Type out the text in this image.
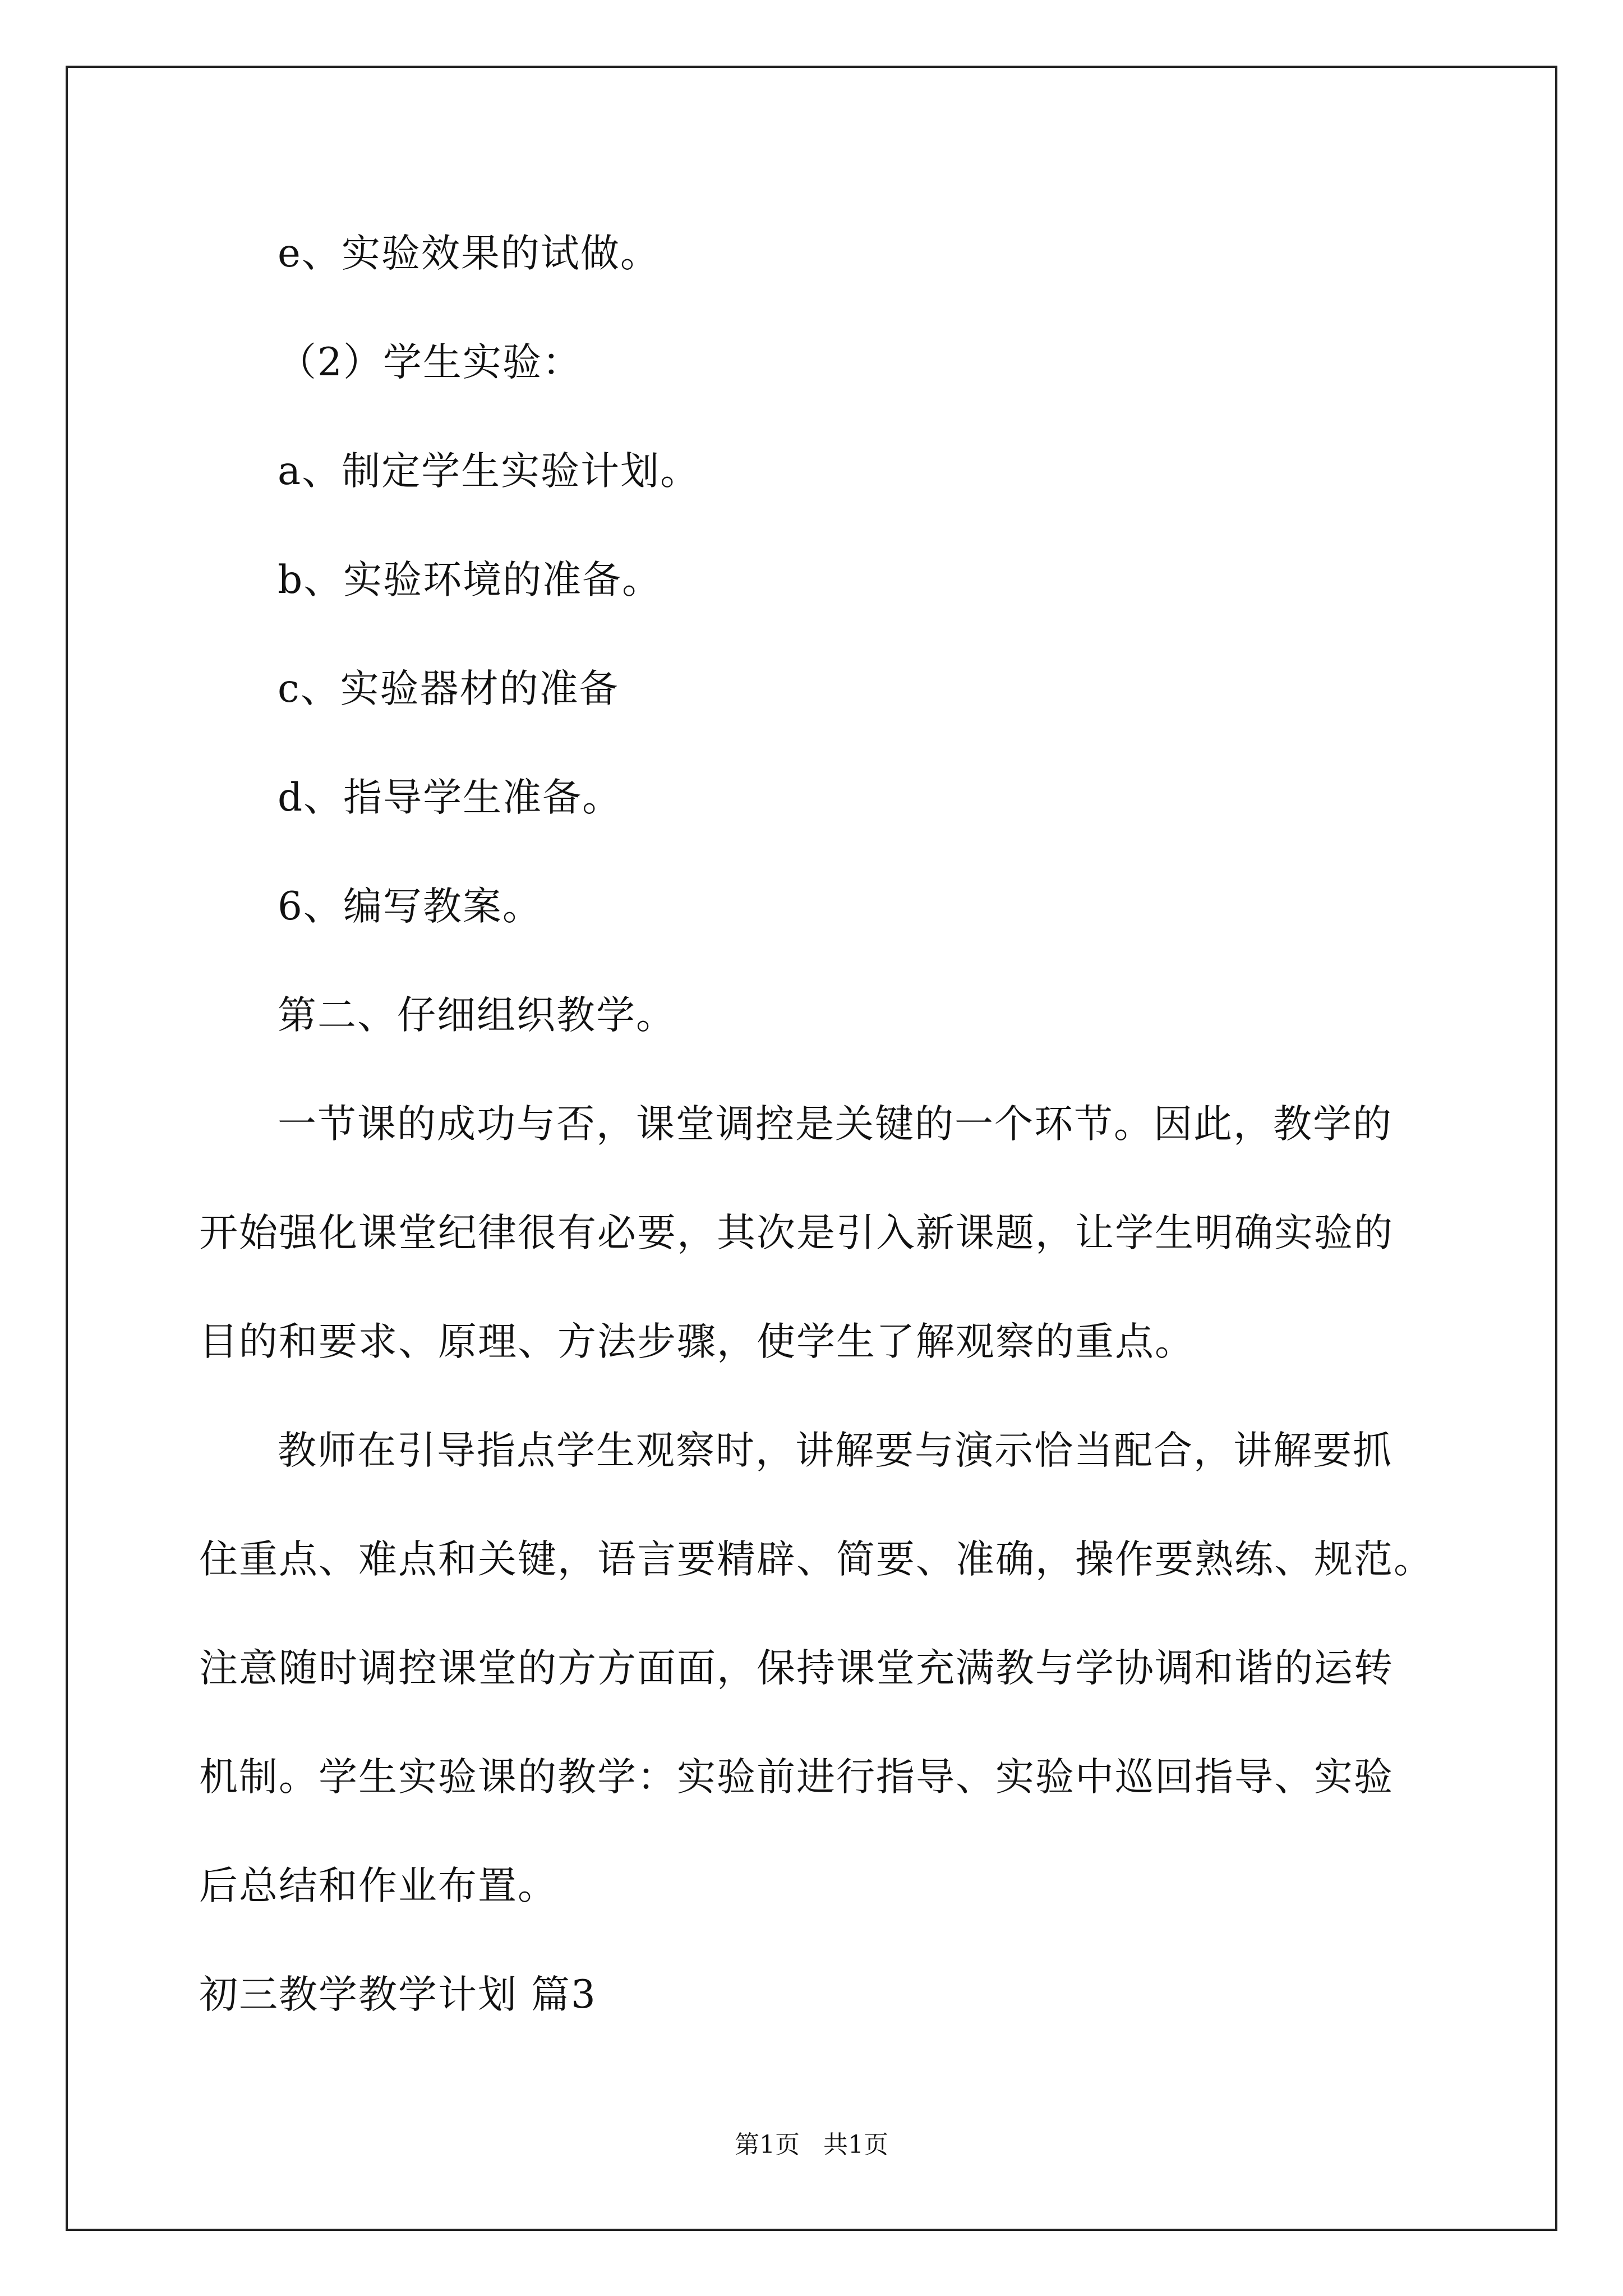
e、实验效果的试做。
（2）学生实验：
a、制定学生实验计划。
b、实验环境的准备。
c、实验器材的准备
d、指导学生准备。
6、编写教案。
第二、仔细组织教学。
一节课的成功与否，课堂调控是关键的一个环节。因此，教学的
开始强化课堂纪律很有必要，其次是引入新课题，让学生明确实验的
目的和要求、原理、方法步骤，使学生了解观察的重点。
教师在引导指点学生观察时，讲解要与演示恰当配合，讲解要抓
住重点、难点和关键，语言要精辟、简要、准确，操作要熟练、规范。
注意随时调控课堂的方方面面，保持课堂充满教与学协调和谐的运转
机制。学生实验课的教学：实验前进行指导、实验中巡回指导、实验
后总结和作业布置。
初三教学教学计划 篇3
第1页   共1页
